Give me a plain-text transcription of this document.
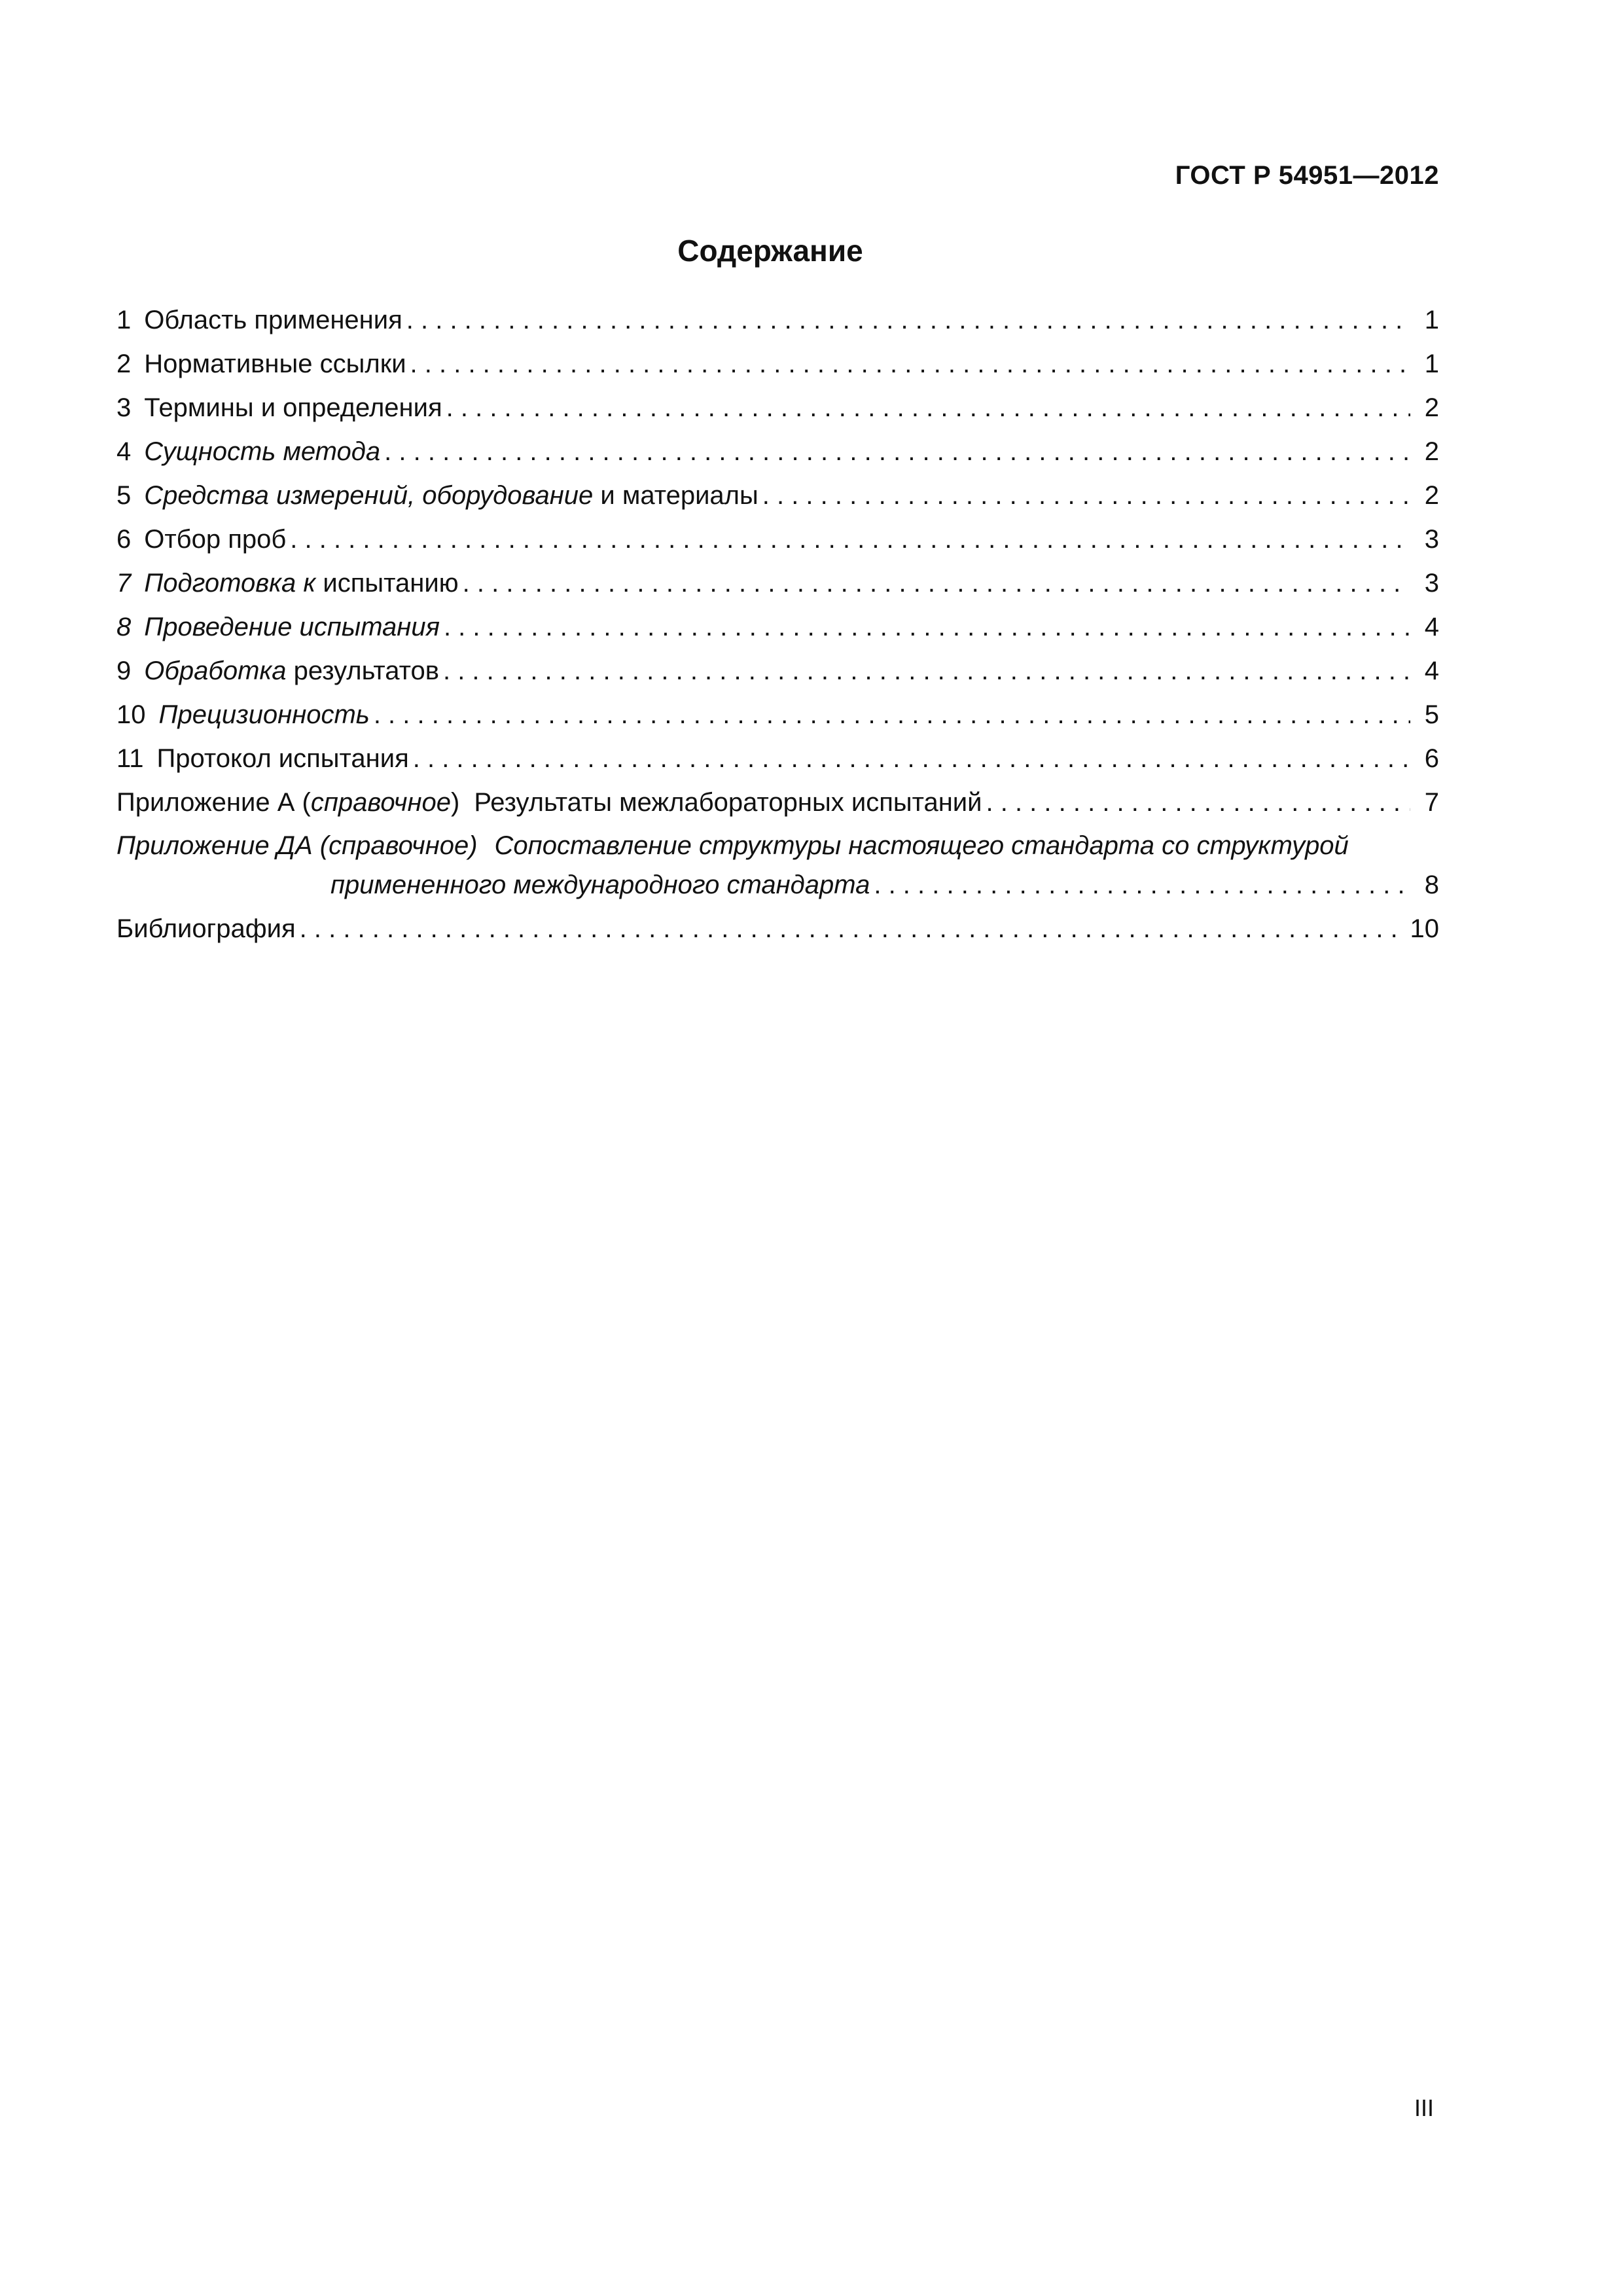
ГОСТ Р 54951—2012
Содержание
1 Область применения . . .	1
2 Нормативные ссылки . . .	1
3 Термины и определения . . .	2
4 Сущность метода . . .	2
5 Средства измерений, оборудование и материалы . . .	2
6 Отбор проб . . .	3
7 Подготовка к испытанию . . .	3
8 Проведение испытания . . .	4
9 Обработка результатов . . .	4
10 Прецизионность . . .	5
11 Протокол испытания . . .	6
Приложение А (справочное) Результаты межлабораторных испытаний . . .	7
Приложение ДА (справочное) Сопоставление структуры настоящего стандарта со структурой
примененного международного стандарта . . .	8
Библиография . . .	10
III
